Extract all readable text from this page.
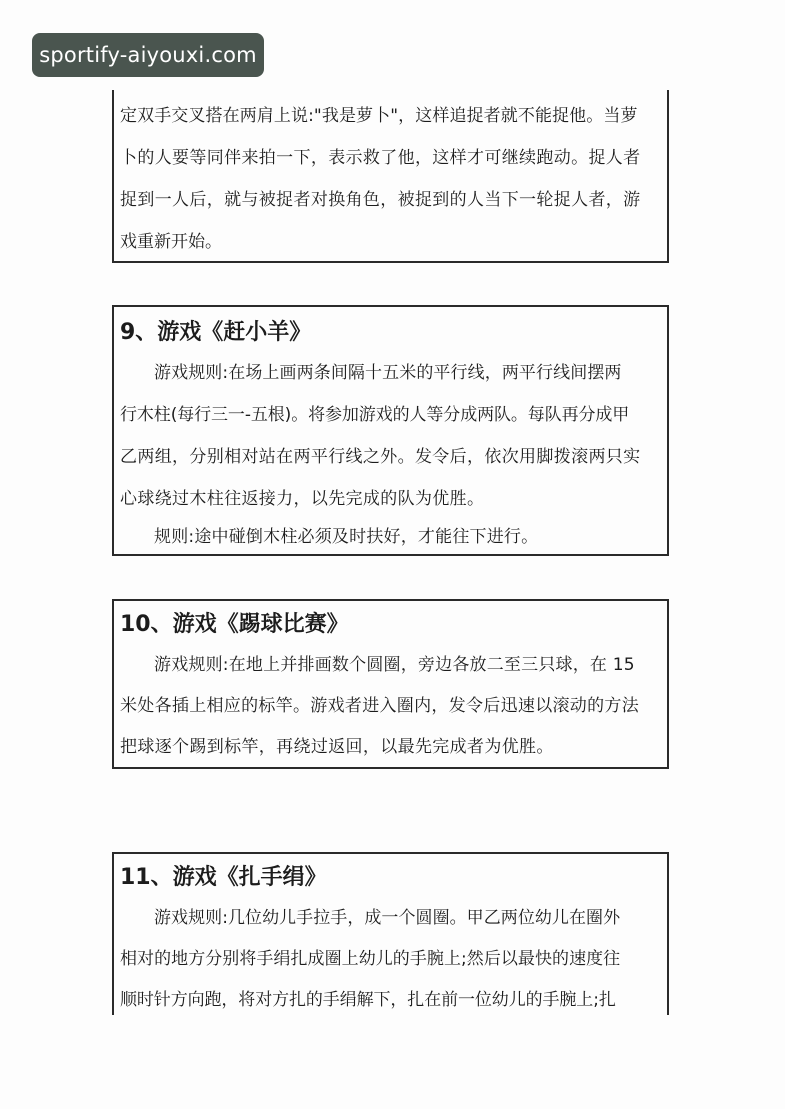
sportify-aiyouxi.com
定双手交叉搭在两肩上说:"我是萝卜"，这样追捉者就不能捉他。当萝
卜的人要等同伴来拍一下，表示救了他，这样才可继续跑动。捉人者
捉到一人后，就与被捉者对换角色，被捉到的人当下一轮捉人者，游
戏重新开始。
9、游戏《赶小羊》
游戏规则:在场上画两条间隔十五米的平行线，两平行线间摆两
行木柱(每行三一-五根)。将参加游戏的人等分成两队。每队再分成甲
乙两组，分别相对站在两平行线之外。发令后，依次用脚拨滚两只实
心球绕过木柱往返接力，以先完成的队为优胜。
规则:途中碰倒木柱必须及时扶好，才能往下进行。
10、游戏《踢球比赛》
游戏规则:在地上并排画数个圆圈，旁边各放二至三只球，在 15
米处各插上相应的标竿。游戏者进入圈内，发令后迅速以滚动的方法
把球逐个踢到标竿，再绕过返回，以最先完成者为优胜。
11、游戏《扎手绢》
游戏规则:几位幼儿手拉手，成一个圆圈。甲乙两位幼儿在圈外
相对的地方分别将手绢扎成圈上幼儿的手腕上;然后以最快的速度往
顺时针方向跑，将对方扎的手绢解下，扎在前一位幼儿的手腕上;扎
